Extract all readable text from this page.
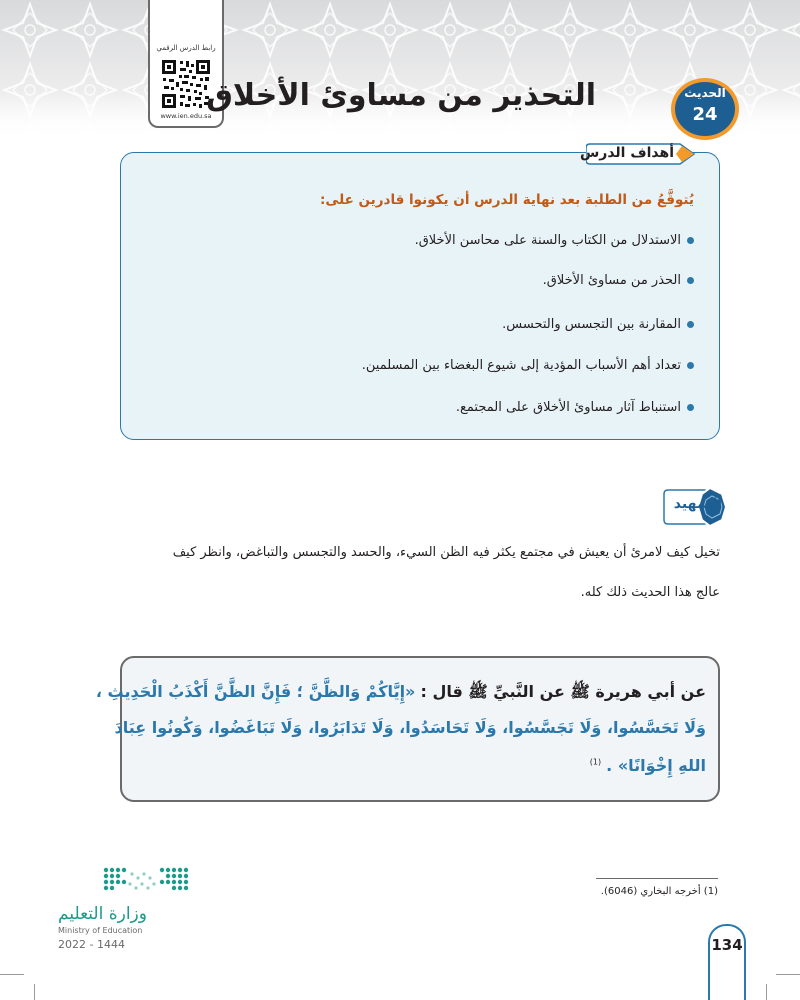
رابط الدرس الرقمي
www.ien.edu.sa
التحذير من مساوئ الأخلاق	الحديث
24
أهداف الدرس
يُتوقَّعُ من الطلبة بعد نهاية الدرس أن يكونوا قادرين على:
الاستدلال من الكتاب والسنة على محاسن الأخلاق.
الحذر من مساوئ الأخلاق.
المقارنة بين التجسس والتحسس.
تعداد أهم الأسباب المؤدية إلى شيوع البغضاء بين المسلمين.
استنباط آثار مساوئ الأخلاق على المجتمع.
التمهيد
تخيل كيف لامرئ أن يعيش في مجتمع يكثر فيه الظن السيء، والحسد والتجسس والتباغض، وانظر كيف
عالج هذا الحديث ذلك كله.
عن أبي هريرة ﷺ عن النَّبيِّ ﷺ قال : «إِيَّاكُمْ وَالظَّنَّ ؛ فَإِنَّ الظَّنَّ أَكْذَبُ الْحَدِيثِ ،
وَلَا تَحَسَّسُوا، وَلَا تَجَسَّسُوا، وَلَا تَحَاسَدُوا، وَلَا تَدَابَرُوا، وَلَا تَبَاغَضُوا، وَكُونُوا عِبَادَ
اللهِ إِخْوَانًا» . $^{(1)}$
(1) أخرجه البخاري (6046).
وزارة التعليم
Ministry of Education
2022 - 1444	134
